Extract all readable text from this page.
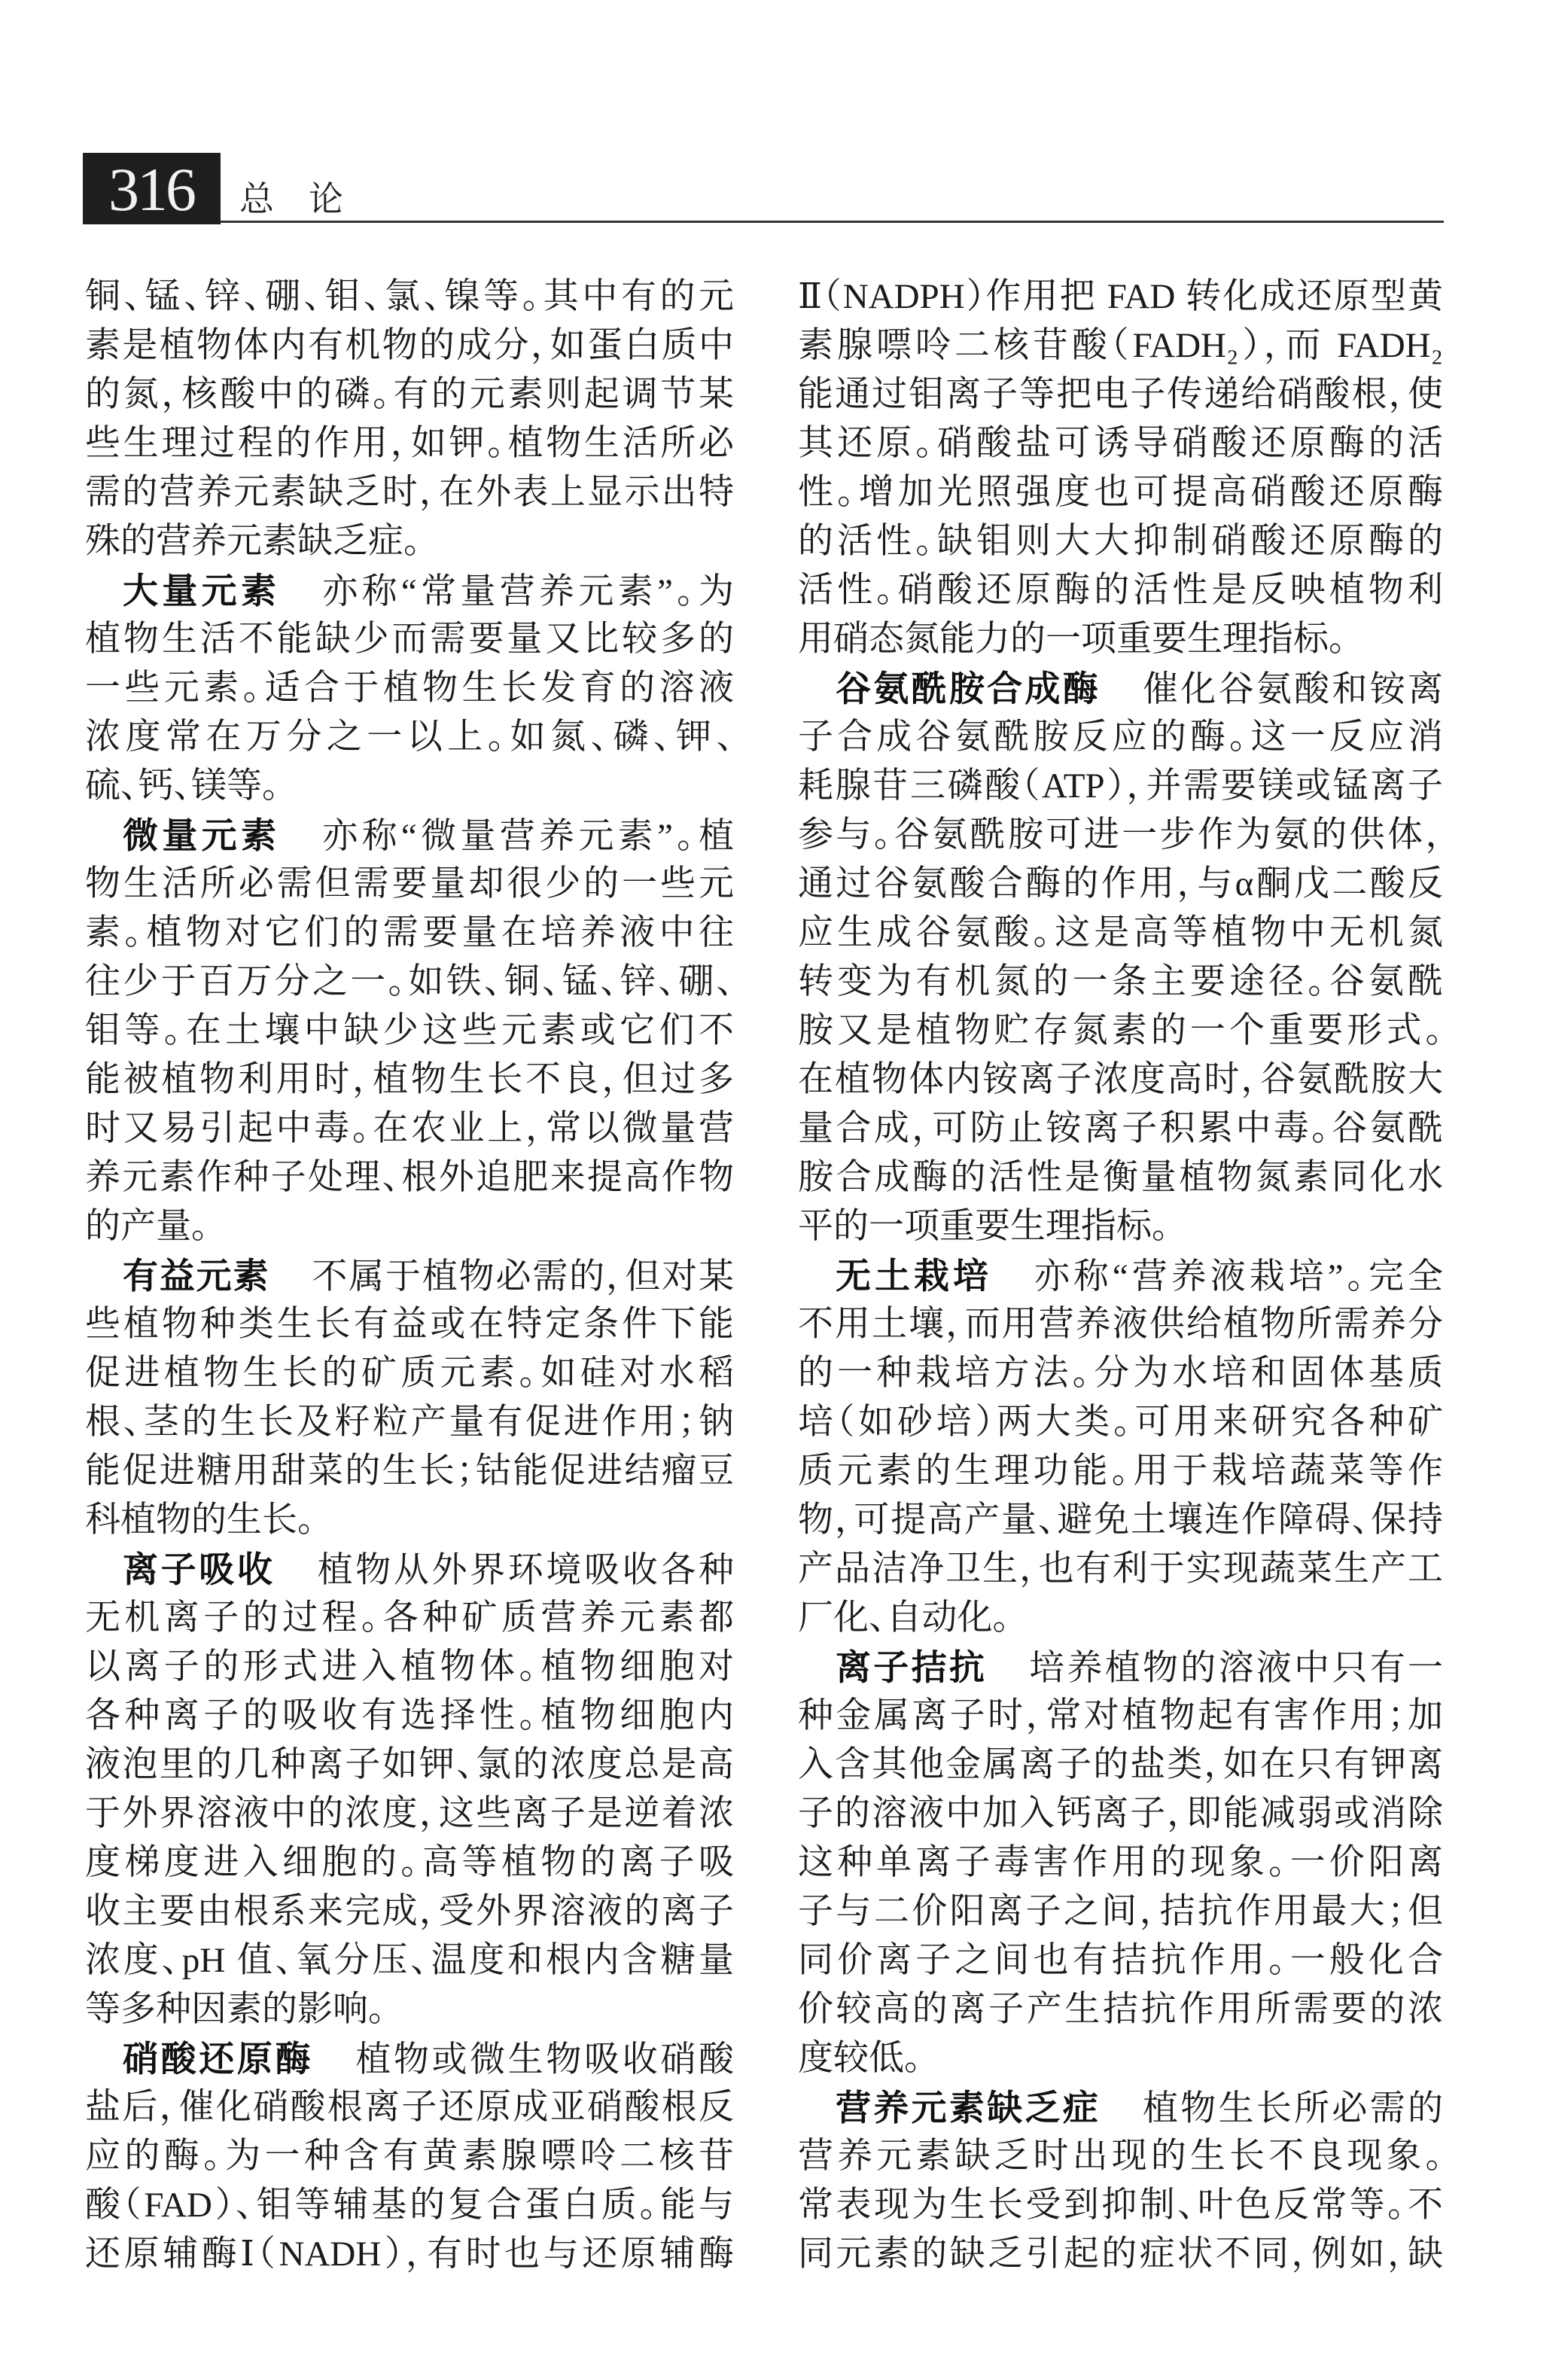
316 总　论
铜、锰、锌、硼、钼、氯、镍等。其中有的元
素是植物体内有机物的成分，如蛋白质中
的氮，核酸中的磷。有的元素则起调节某
些生理过程的作用，如钾。植物生活所必
需的营养元素缺乏时，在外表上显示出特
殊的营养元素缺乏症。
大量元素 亦称“常量营养元素”。为
植物生活不能缺少而需要量又比较多的
一些元素。适合于植物生长发育的溶液
浓度常在万分之一以上。如氮、磷、钾、
硫、钙、镁等。
微量元素 亦称“微量营养元素”。植
物生活所必需但需要量却很少的一些元
素。植物对它们的需要量在培养液中往
往少于百万分之一。如铁、铜、锰、锌、硼、
钼等。在土壤中缺少这些元素或它们不
能被植物利用时，植物生长不良，但过多
时又易引起中毒。在农业上，常以微量营
养元素作种子处理、根外追肥来提高作物
的产量。
有益元素 不属于植物必需的，但对某
些植物种类生长有益或在特定条件下能
促进植物生长的矿质元素。如硅对水稻
根、茎的生长及籽粒产量有促进作用；钠
能促进糖用甜菜的生长；钴能促进结瘤豆
科植物的生长。
离子吸收 植物从外界环境吸收各种
无机离子的过程。各种矿质营养元素都
以离子的形式进入植物体。植物细胞对
各种离子的吸收有选择性。植物细胞内
液泡里的几种离子如钾、氯的浓度总是高
于外界溶液中的浓度，这些离子是逆着浓
度梯度进入细胞的。高等植物的离子吸
收主要由根系来完成，受外界溶液的离子
浓度、pH 值、氧分压、温度和根内含糖量
等多种因素的影响。
硝酸还原酶 植物或微生物吸收硝酸
盐后，催化硝酸根离子还原成亚硝酸根反
应的酶。为一种含有黄素腺嘌呤二核苷
酸（FAD）、钼等辅基的复合蛋白质。能与
还原辅酶Ⅰ（NADH），有时也与还原辅酶
Ⅱ（NADPH）作用把 FAD 转化成还原型黄
素腺嘌呤二核苷酸（FADH₂），而 FADH₂
能通过钼离子等把电子传递给硝酸根，使
其还原。硝酸盐可诱导硝酸还原酶的活
性。增加光照强度也可提高硝酸还原酶
的活性。缺钼则大大抑制硝酸还原酶的
活性。硝酸还原酶的活性是反映植物利
用硝态氮能力的一项重要生理指标。
谷氨酰胺合成酶 催化谷氨酸和铵离
子合成谷氨酰胺反应的酶。这一反应消
耗腺苷三磷酸（ATP），并需要镁或锰离子
参与。谷氨酰胺可进一步作为氨的供体，
通过谷氨酸合酶的作用，与α酮戊二酸反
应生成谷氨酸。这是高等植物中无机氮
转变为有机氮的一条主要途径。谷氨酰
胺又是植物贮存氮素的一个重要形式。
在植物体内铵离子浓度高时，谷氨酰胺大
量合成，可防止铵离子积累中毒。谷氨酰
胺合成酶的活性是衡量植物氮素同化水
平的一项重要生理指标。
无土栽培 亦称“营养液栽培”。完全
不用土壤，而用营养液供给植物所需养分
的一种栽培方法。分为水培和固体基质
培（如砂培）两大类。可用来研究各种矿
质元素的生理功能。用于栽培蔬菜等作
物，可提高产量、避免土壤连作障碍、保持
产品洁净卫生，也有利于实现蔬菜生产工
厂化、自动化。
离子拮抗 培养植物的溶液中只有一
种金属离子时，常对植物起有害作用；加
入含其他金属离子的盐类，如在只有钾离
子的溶液中加入钙离子，即能减弱或消除
这种单离子毒害作用的现象。一价阳离
子与二价阳离子之间，拮抗作用最大；但
同价离子之间也有拮抗作用。一般化合
价较高的离子产生拮抗作用所需要的浓
度较低。
营养元素缺乏症 植物生长所必需的
营养元素缺乏时出现的生长不良现象。
常表现为生长受到抑制、叶色反常等。不
同元素的缺乏引起的症状不同，例如，缺
